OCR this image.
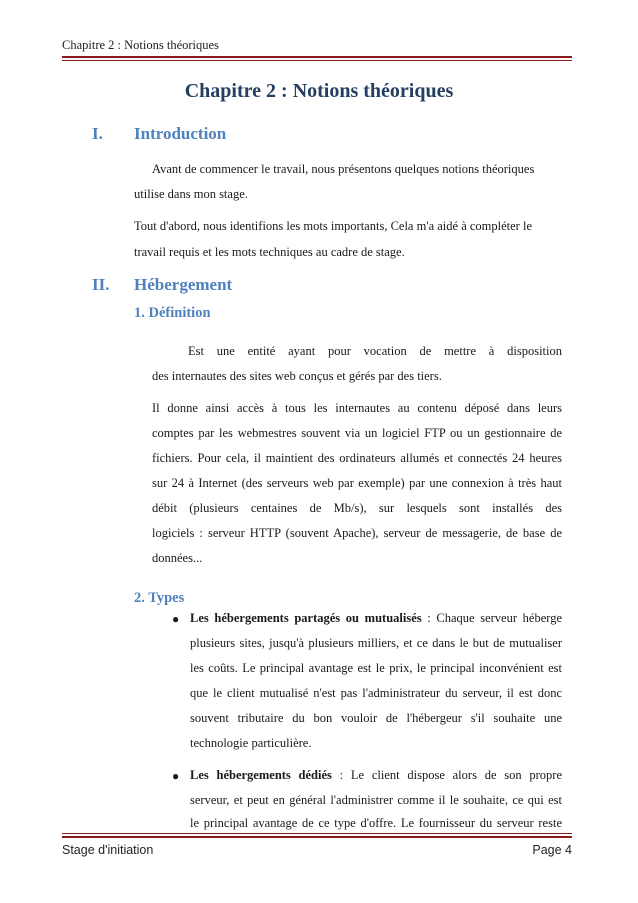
Chapitre 2 : Notions théoriques
Chapitre 2 : Notions théoriques
I. Introduction
Avant de commencer le travail, nous présentons quelques notions théoriques
utilise dans mon stage.
Tout d'abord, nous identifions les mots importants, Cela m'a aidé à compléter le
travail requis et les mots techniques au cadre de stage.
II. Hébergement
1. Définition
Est une entité ayant pour vocation de mettre à disposition
des internautes des sites web conçus et gérés par des tiers.
Il donne ainsi accès à tous les internautes au contenu déposé dans leurs
comptes par les webmestres souvent via un logiciel FTP ou un gestionnaire de
fichiers. Pour cela, il maintient des ordinateurs allumés et connectés 24 heures
sur 24 à Internet (des serveurs web par exemple) par une connexion à très haut
débit (plusieurs centaines de Mb/s), sur lesquels sont installés des
logiciels : serveur HTTP (souvent Apache), serveur de messagerie, de base de
données...
2. Types
● Les hébergements partagés ou mutualisés : Chaque serveur héberge
plusieurs sites, jusqu'à plusieurs milliers, et ce dans le but de mutualiser
les coûts. Le principal avantage est le prix, le principal inconvénient est
que le client mutualisé n'est pas l'administrateur du serveur, il est donc
souvent tributaire du bon vouloir de l'hébergeur s'il souhaite une
technologie particulière.
● Les hébergements dédiés : Le client dispose alors de son propre
serveur, et peut en général l'administrer comme il le souhaite, ce qui est
le principal avantage de ce type d'offre. Le fournisseur du serveur reste
Stage d'initiation	Page 4
